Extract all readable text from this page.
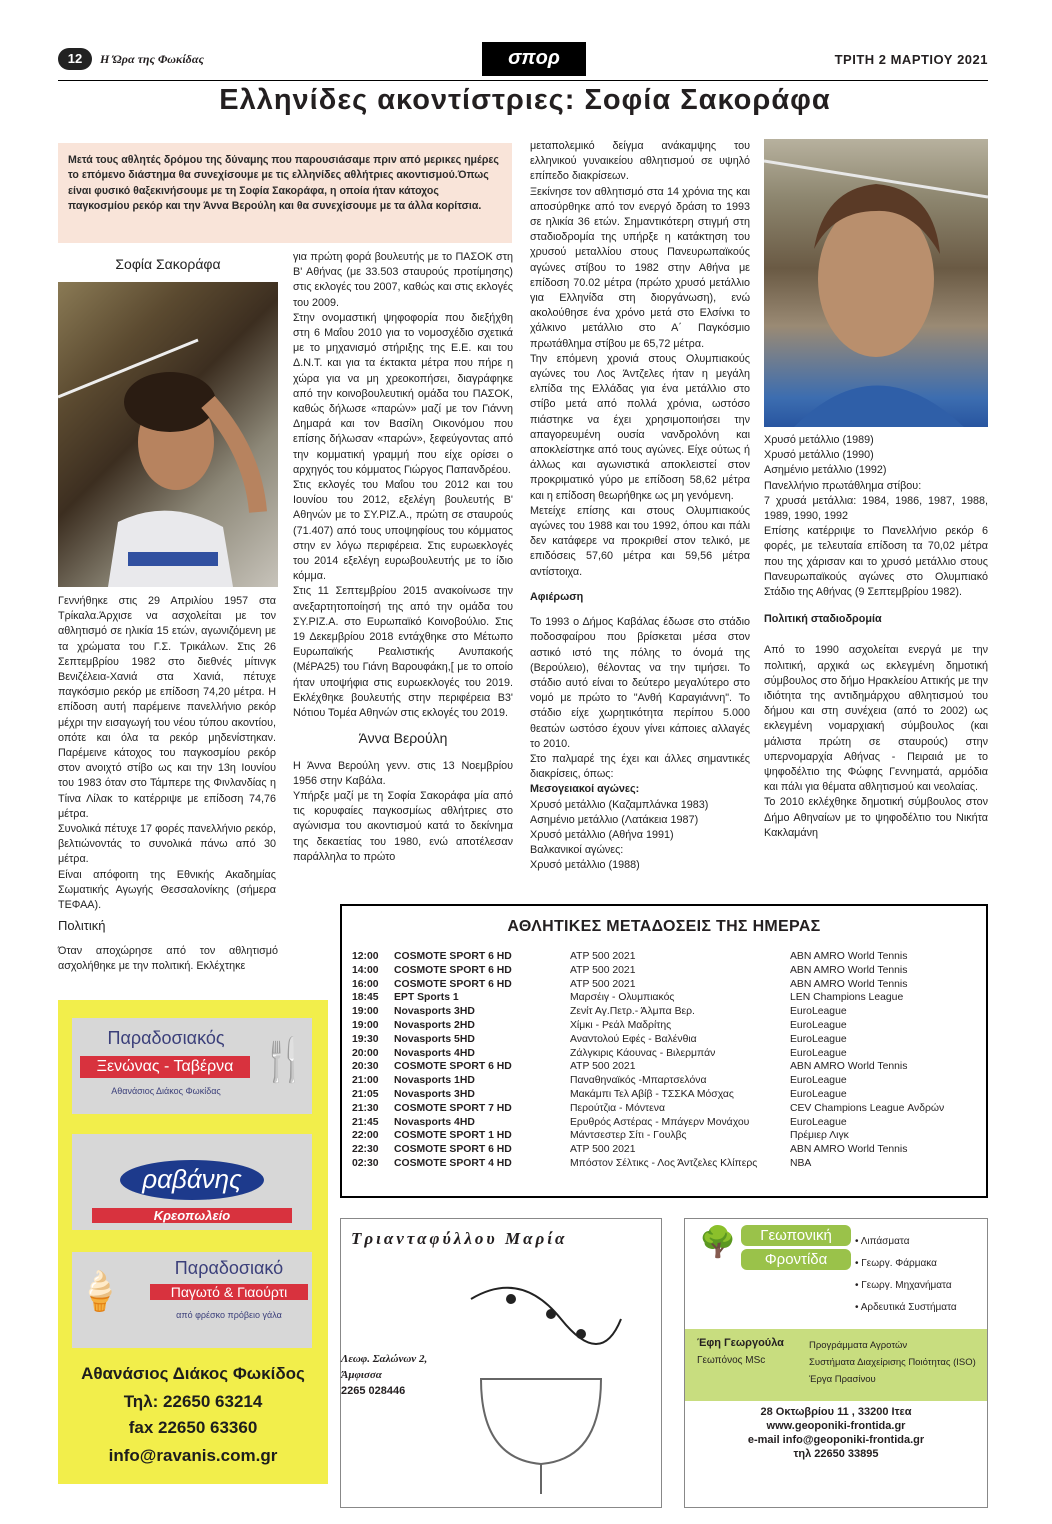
12	Η Ώρα της Φωκίδας	σπορ	ΤΡΙΤΗ 2 ΜΑΡΤΙΟΥ 2021
Ελληνίδες ακοντίστριες: Σοφία Σακοράφα
Μετά τους αθλητές δρόμου της δύναμης που παρουσιάσαμε πριν από μερικες ημέρες το επόμενο διάστημα θα συνεχίσουμε με τις ελληνίδες αθλήτριες ακοντισμού.Όπως είναι φυσικό θαξεκινήσουμε με τη Σοφία Σακοράφα, η οποία ήταν κάτοχος παγκοσμίου ρεκόρ και την Άννα Βερούλη και θα συνεχίσουμε με τα άλλα κορίτσια.
Σοφία Σακοράφα

Γεννήθηκε στις 29 Απριλίου 1957 στα Τρίκαλα.Άρχισε να ασχολείται με τον αθλητισμό σε ηλικία 15 ετών, αγωνιζόμενη με τα χρώματα του Γ.Σ. Τρικάλων. Στις 26 Σεπτεμβρίου 1982 στο διεθνές μίτινγκ Βενιζέλεια-Χανιά στα Χανιά, πέτυχε παγκόσμιο ρεκόρ με επίδοση 74,20 μέτρα. Η επίδοση αυτή παρέμεινε πανελλήνιο ρεκόρ μέχρι την εισαγωγή του νέου τύπου ακοντίου, οπότε και όλα τα ρεκόρ μηδενίστηκαν. Παρέμεινε κάτοχος του παγκοσμίου ρεκόρ στον ανοιχτό στίβο ως και την 13η Ιουνίου του 1983 όταν στο Τάμπερε της Φινλανδίας η Τίινα Λίλακ το κατέρριψε με επίδοση 74,76 μέτρα.

Συνολικά πέτυχε 17 φορές πανελλήνιο ρεκόρ, βελτιώνοντάς το συνολικά πάνω από 30 μέτρα.

Είναι απόφοιτη της Εθνικής Ακαδημίας Σωματικής Αγωγής Θεσσαλονίκης (σήμερα ΤΕΦΑΑ).

Πολιτική

Όταν αποχώρησε από τον αθλητισμό ασχολήθηκε με την πολιτική. Εκλέχτηκε

για πρώτη φορά βουλευτής με το ΠΑΣΟΚ στη Β' Αθήνας (με 33.503 σταυρούς προτίμησης) στις εκλογές του 2007, καθώς και στις εκλογές του 2009.

Στην ονομαστική ψηφοφορία που διεξήχθη στη 6 Μαΐου 2010 για το νομοσχέδιο σχετικά με το μηχανισμό στήριξης της Ε.Ε. και του Δ.Ν.Τ. και για τα έκτακτα μέτρα που πήρε η χώρα για να μη χρεοκοπήσει, διαγράφηκε από την κοινοβουλευτική ομάδα του ΠΑΣΟΚ, καθώς δήλωσε «παρών» μαζί με τον Γιάννη Δημαρά και τον Βασίλη Οικονόμου που επίσης δήλωσαν «παρών», ξεφεύγοντας από την κομματική γραμμή που είχε ορίσει ο αρχηγός του κόμματος Γιώργος Παπανδρέου.

Στις εκλογές του Μαΐου του 2012 και του Ιουνίου του 2012, εξελέγη βουλευτής Β' Αθηνών με το ΣΥ.ΡΙΖ.Α., πρώτη σε σταυρούς (71.407) από τους υποψηφίους του κόμματος στην εν λόγω περιφέρεια. Στις ευρωεκλογές του 2014 εξελέγη ευρωβουλευτής με το ίδιο κόμμα.

Στις 11 Σεπτεμβρίου 2015 ανακοίνωσε την ανεξαρτητοποίησή της από την ομάδα του ΣΥ.ΡΙΖ.Α. στο Ευρωπαϊκό Κοινοβούλιο. Στις 19 Δεκεμβρίου 2018 εντάχθηκε στο Μέτωπο Ευρωπαϊκής Ρεαλιστικής Ανυπακοής (ΜέΡΑ25) του Γιάνη Βαρουφάκη,[ με το οποίο ήταν υποψήφια στις ευρωεκλογές του 2019. Εκλέχθηκε βουλευτής στην περιφέρεια Β3' Νότιου Τομέα Αθηνών στις εκλογές του 2019.

Άννα Βερούλη

Η Άννα Βερούλη γενν. στις 13 Νοεμβρίου 1956 στην Καβάλα.

Υπήρξε μαζί με τη Σοφία Σακοράφα μία από τις κορυφαίες παγκοσμίως αθλήτριες στο αγώνισμα του ακοντισμού κατά το δεκίνημα της δεκαετίας του 1980, ενώ αποτέλεσαν παράλληλα το πρώτο

μεταπολεμικό δείγμα ανάκαμψης του ελληνικού γυναικείου αθλητισμού σε υψηλό επίπεδο διακρίσεων.

Ξεκίνησε τον αθλητισμό στα 14 χρόνια της και αποσύρθηκε από τον ενεργό δράση το 1993 σε ηλικία 36 ετών. Σημαντικότερη στιγμή στη σταδιοδρομία της υπήρξε η κατάκτηση του χρυσού μεταλλίου στους Πανευρωπαϊκούς αγώνες στίβου το 1982 στην Αθήνα με επίδοση 70.02 μέτρα (πρώτο χρυσό μετάλλιο για Ελληνίδα στη διοργάνωση), ενώ ακολούθησε ένα χρόνο μετά στο Ελσίνκι το χάλκινο μετάλλιο στο Α΄ Παγκόσμιο πρωτάθλημα στίβου με 65,72 μέτρα.

Την επόμενη χρονιά στους Ολυμπιακούς αγώνες του Λος Άντζελες ήταν η μεγάλη ελπίδα της Ελλάδας για ένα μετάλλιο στο στίβο μετά από πολλά χρόνια, ωστόσο πιάστηκε να έχει χρησιμοποιήσει την απαγορευμένη ουσία νανδρολόνη και αποκλείστηκε από τους αγώνες. Είχε ούτως ή άλλως και αγωνιστικά αποκλειστεί στον προκριματικό γύρο με επίδοση 58,62 μέτρα και η επίδοση θεωρήθηκε ως μη γενόμενη.

Μετείχε επίσης και στους Ολυμπιακούς αγώνες του 1988 και του 1992, όπου και πάλι δεν κατάφερε να προκριθεί στον τελικό, με επιδόσεις 57,60 μέτρα και 59,56 μέτρα αντίστοιχα.

Αφιέρωση

Το 1993 ο Δήμος Καβάλας έδωσε στο στάδιο ποδοσφαίρου που βρίσκεται μέσα στον αστικό ιστό της πόλης το όνομά της (Βερούλειο), θέλοντας να την τιμήσει. Το στάδιο αυτό είναι το δεύτερο μεγαλύτερο στο νομό με πρώτο το "Ανθή Καραγιάννη". Το στάδιο είχε χωρητικότητα περίπου 5.000 θεατών ωστόσο έχουν γίνει κάποιες αλλαγές το 2010.

Στο παλμαρέ της έχει και άλλες σημαντικές διακρίσεις, όπως:

Μεσογειακοί αγώνες:

Χρυσό μετάλλιο (Καζαμπλάνκα 1983)

Ασημένιο μετάλλιο (Λατάκεια 1987)

Χρυσό μετάλλιο (Αθήνα 1991)

Βαλκανικοί αγώνες:

Χρυσό μετάλλιο (1988)

Χρυσό μετάλλιο (1989)

Χρυσό μετάλλιο (1990)

Ασημένιο μετάλλιο (1992)

Πανελλήνιο πρωτάθλημα στίβου:

7 χρυσά μετάλλια: 1984, 1986, 1987, 1988, 1989, 1990, 1992

Επίσης κατέρριψε το Πανελλήνιο ρεκόρ 6 φορές, με τελευταία επίδοση τα 70,02 μέτρα που της χάρισαν και το χρυσό μετάλλιο στους Πανευρωπαϊκούς αγώνες στο Ολυμπιακό Στάδιο της Αθήνας (9 Σεπτεμβρίου 1982).

Πολιτική σταδιοδρομία

Από το 1990 ασχολείται ενεργά με την πολιτική, αρχικά ως εκλεγμένη δημοτική σύμβουλος στο δήμο Ηρακλείου Αττικής με την ιδιότητα της αντιδημάρχου αθλητισμού του δήμου και στη συνέχεια (από το 2002) ως εκλεγμένη νομαρχιακή σύμβουλος (και μάλιστα πρώτη σε σταυρούς) στην υπερνομαρχία Αθήνας - Πειραιά με το ψηφοδέλτιο της Φώφης Γεννηματά, αρμόδια και πάλι για θέματα αθλητισμού και νεολαίας.

Το 2010 εκλέχθηκε δημοτική σύμβουλος στον Δήμο Αθηναίων με το ψηφοδέλτιο του Νικήτα Κακλαμάνη

ΑΘΛΗΤΙΚΕΣ ΜΕΤΑΔΟΣΕΙΣ ΤΗΣ ΗΜΕΡΑΣ
12:00	COSMOTE SPORT 6 HD	ATP 500 2021	ABN AMRO World Tennis
14:00	COSMOTE SPORT 6 HD	ATP 500 2021	ABN AMRO World Tennis
16:00	COSMOTE SPORT 6 HD	ATP 500 2021	ABN AMRO World Tennis
18:45	EPT Sports 1	Μαρσέιγ - Ολυμπιακός	LEN Champions League
19:00	Novasports 3HD	Ζενίτ Αγ.Πετρ.- Άλμπα Βερ.	EuroLeague
19:00	Novasports 2HD	Χίμκι - Ρεάλ Μαδρίτης	EuroLeague
19:30	Novasports 5HD	Αναντολού Εφές - Βαλένθια	EuroLeague
20:00	Novasports 4HD	Ζάλγκιρις Κάουνας - Βιλερμπάν	EuroLeague
20:30	COSMOTE SPORT 6 HD	ATP 500 2021	ABN AMRO World Tennis
21:00	Novasports 1HD	Παναθηναϊκός -Μπαρτσελόνα	EuroLeague
21:05	Novasports 3HD	Μακάμπι Τελ Αβίβ - ΤΣΣΚΑ Μόσχας	EuroLeague
21:30	COSMOTE SPORT 7 HD	Περούτζια - Μόντενα	CEV Champions League Ανδρών
21:45	Novasports 4HD	Ερυθρός Αστέρας - Μπάγερν Μονάχου	EuroLeague
22:00	COSMOTE SPORT 1 HD	Μάντσεστερ Σίτι - Γουλβς	Πρέμιερ Λιγκ
22:30	COSMOTE SPORT 6 HD	ATP 500 2021	ABN AMRO World Tennis
02:30	COSMOTE SPORT 4 HD	Μπόστον Σέλτικς - Λος Άντζελες Κλίπερς	NBA
Παραδοσιακός
Ξενώνας - Ταβέρνα
Αθανάσιος Διάκος Φωκίδας
🍴
ραβάνης
Κρεοπωλείο
🍦
Παραδοσιακό
Παγωτό & Γιαούρτι
από φρέσκο πρόβειο γάλα
Αθανάσιος Διάκος Φωκίδος
Τηλ: 22650 63214
fax 22650 63360
info@ravanis.com.gr
Τριανταφύλλου Μαρία
Λεωφ. Σαλώνων 2,
Άμφισσα
2265 028446
🌳	Γεωπονική
Φροντίδα
• Λιπάσματα
• Γεωργ. Φάρμακα
• Γεωργ. Μηχανήματα
• Αρδευτικά Συστήματα
Έφη Γεωργούλα
Γεωπόνος MSc
Προγράμματα Αγροτών
Συστήματα Διαχείρισης Ποιότητας (ISO)
Έργα Πρασίνου
28 Οκτωβρίου 11 , 33200 Ιτεα
www.geoponiki-frontida.gr
e-mail info@geoponiki-frontida.gr
τηλ 22650 33895
